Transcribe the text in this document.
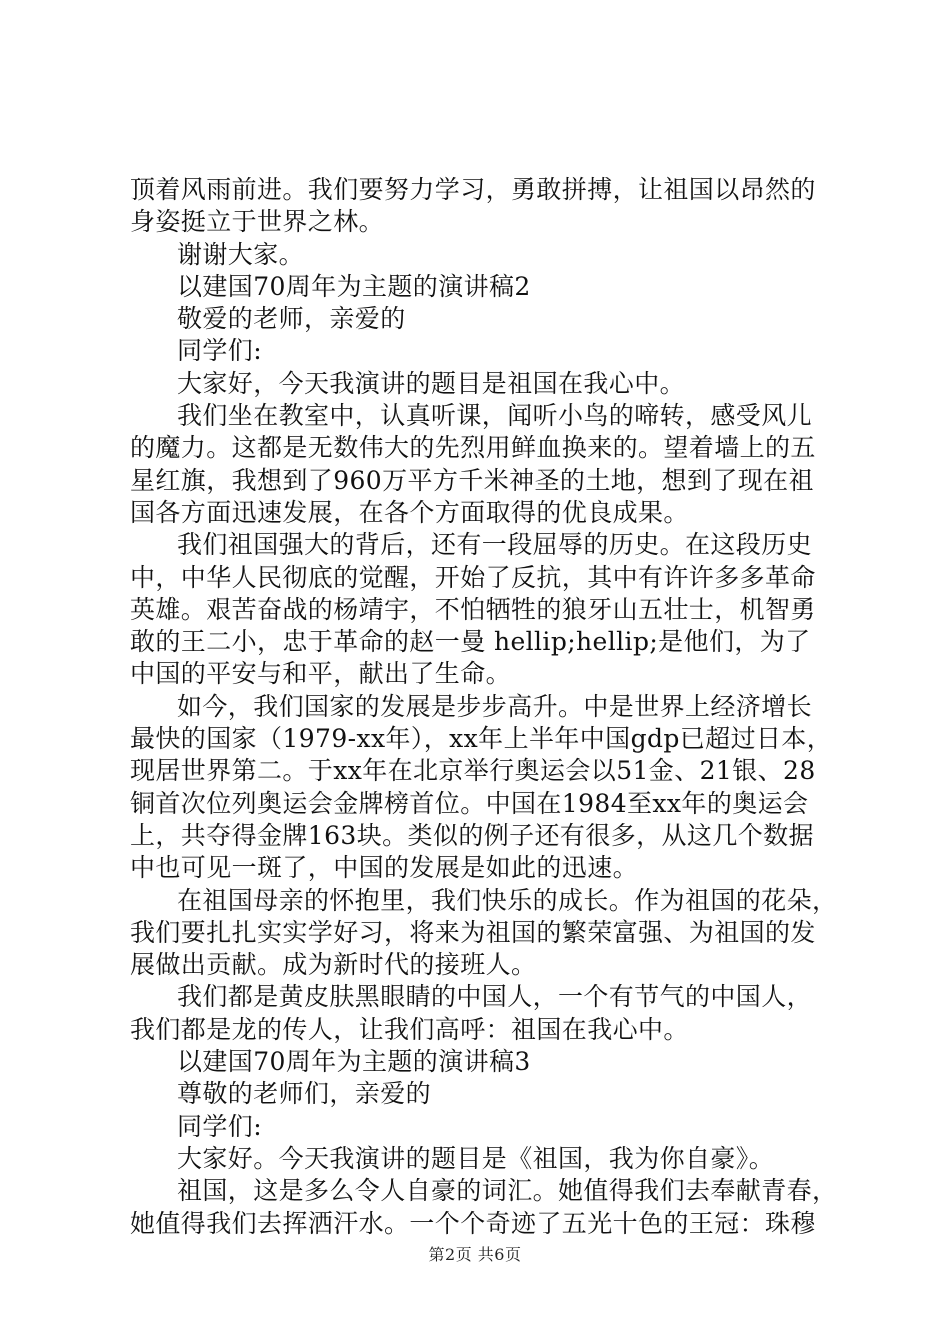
顶着风雨前进。我们要努力学习，勇敢拼搏，让祖国以昂然的
身姿挺立于世界之林。
谢谢大家。
以建国70周年为主题的演讲稿2
敬爱的老师，亲爱的
同学们:
大家好，今天我演讲的题目是祖国在我心中。
我们坐在教室中，认真听课，闻听小鸟的啼转，感受风儿
的魔力。这都是无数伟大的先烈用鲜血换来的。望着墙上的五
星红旗，我想到了960万平方千米神圣的土地，想到了现在祖
国各方面迅速发展，在各个方面取得的优良成果。
我们祖国强大的背后，还有一段屈辱的历史。在这段历史
中，中华人民彻底的觉醒，开始了反抗，其中有许许多多革命
英雄。艰苦奋战的杨靖宇，不怕牺牲的狼牙山五壮士，机智勇
敢的王二小，忠于革命的赵一曼 hellip;hellip;是他们，为了
中国的平安与和平，献出了生命。
如今，我们国家的发展是步步高升。中是世界上经济增长
最快的国家（1979-xx年），xx年上半年中国gdp已超过日本，
现居世界第二。于xx年在北京举行奥运会以51金、21银、28
铜首次位列奥运会金牌榜首位。中国在1984至xx年的奥运会
上，共夺得金牌163块。类似的例子还有很多，从这几个数据
中也可见一斑了，中国的发展是如此的迅速。
在祖国母亲的怀抱里，我们快乐的成长。作为祖国的花朵，
我们要扎扎实实学好习，将来为祖国的繁荣富强、为祖国的发
展做出贡献。成为新时代的接班人。
我们都是黄皮肤黑眼睛的中国人，一个有节气的中国人，
我们都是龙的传人，让我们高呼：祖国在我心中。
以建国70周年为主题的演讲稿3
尊敬的老师们，亲爱的
同学们:
大家好。今天我演讲的题目是《祖国，我为你自豪》。
祖国，这是多么令人自豪的词汇。她值得我们去奉献青春，
她值得我们去挥洒汗水。一个个奇迹了五光十色的王冠：珠穆
第2页 共6页
